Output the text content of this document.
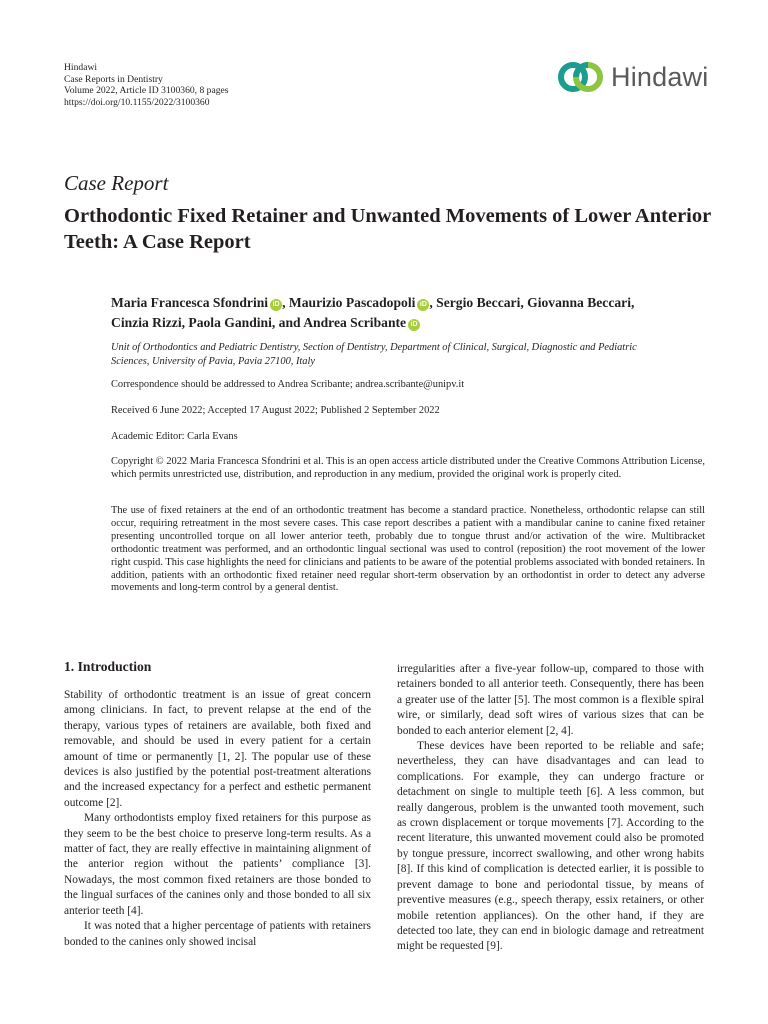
Hindawi
Case Reports in Dentistry
Volume 2022, Article ID 3100360, 8 pages
https://doi.org/10.1155/2022/3100360
Hindawi
Case Report
Orthodontic Fixed Retainer and Unwanted Movements of Lower Anterior Teeth: A Case Report
Maria Francesca Sfondrini iD , Maurizio Pascadopoli iD , Sergio Beccari, Giovanna Beccari,
Cinzia Rizzi, Paola Gandini, and Andrea Scribante iD
Unit of Orthodontics and Pediatric Dentistry, Section of Dentistry, Department of Clinical, Surgical, Diagnostic and Pediatric Sciences, University of Pavia, Pavia 27100, Italy
Correspondence should be addressed to Andrea Scribante; andrea.scribante@unipv.it
Received 6 June 2022; Accepted 17 August 2022; Published 2 September 2022
Academic Editor: Carla Evans
Copyright © 2022 Maria Francesca Sfondrini et al. This is an open access article distributed under the Creative Commons Attribution License, which permits unrestricted use, distribution, and reproduction in any medium, provided the original work is properly cited.
The use of fixed retainers at the end of an orthodontic treatment has become a standard practice. Nonetheless, orthodontic relapse can still occur, requiring retreatment in the most severe cases. This case report describes a patient with a mandibular canine to canine fixed retainer presenting uncontrolled torque on all lower anterior teeth, probably due to tongue thrust and/or activation of the wire. Multibracket orthodontic treatment was performed, and an orthodontic lingual sectional was used to control (reposition) the root movement of the lower right cuspid. This case highlights the need for clinicians and patients to be aware of the potential problems associated with bonded retainers. In addition, patients with an orthodontic fixed retainer need regular short-term observation by an orthodontist in order to detect any adverse movements and long-term control by a general dentist.
1. Introduction

Stability of orthodontic treatment is an issue of great concern among clinicians. In fact, to prevent relapse at the end of the therapy, various types of retainers are available, both fixed and removable, and should be used in every patient for a certain amount of time or permanently [1, 2]. The popular use of these devices is also justified by the potential post-treatment alterations and the increased expectancy for a perfect and esthetic permanent outcome [2].

Many orthodontists employ fixed retainers for this purpose as they seem to be the best choice to preserve long-term results. As a matter of fact, they are really effective in maintaining alignment of the anterior region without the patients’ compliance [3]. Nowadays, the most common fixed retainers are those bonded to the lingual surfaces of the canines only and those bonded to all six anterior teeth [4].

It was noted that a higher percentage of patients with retainers bonded to the canines only showed incisal

irregularities after a five-year follow-up, compared to those with retainers bonded to all anterior teeth. Consequently, there has been a greater use of the latter [5]. The most common is a flexible spiral wire, or similarly, dead soft wires of various sizes that can be bonded to each anterior element [2, 4].

These devices have been reported to be reliable and safe; nevertheless, they can have disadvantages and can lead to complications. For example, they can undergo fracture or detachment on single to multiple teeth [6]. A less common, but really dangerous, problem is the unwanted tooth movement, such as crown displacement or torque movements [7]. According to the recent literature, this unwanted movement could also be promoted by tongue pressure, incorrect swallowing, and other wrong habits [8]. If this kind of complication is detected earlier, it is possible to prevent damage to bone and periodontal tissue, by means of preventive measures (e.g., speech therapy, essix retainers, or other mobile retention appliances). On the other hand, if they are detected too late, they can end in biologic damage and retreatment might be requested [9].
